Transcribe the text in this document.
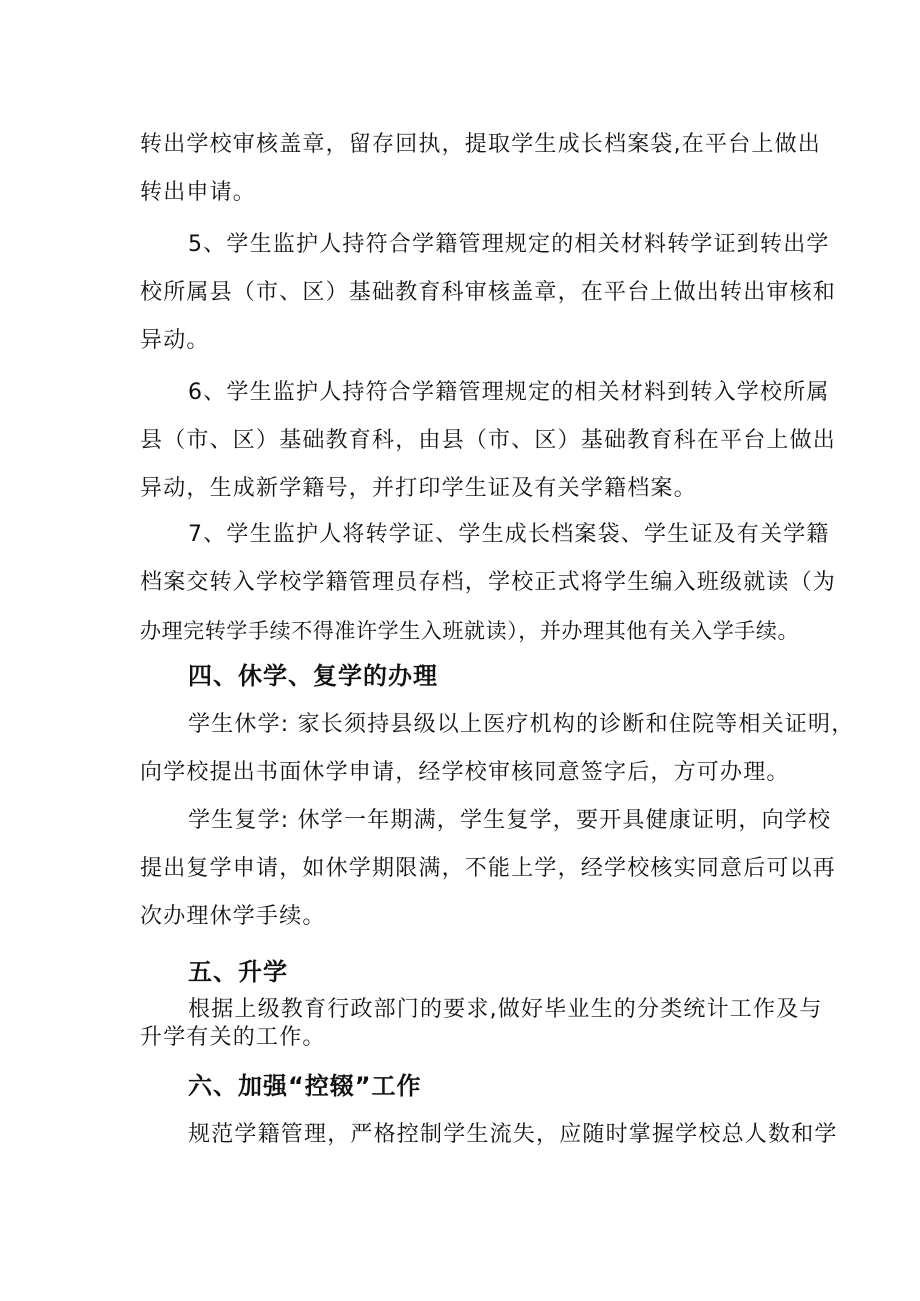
转出学校审核盖章，留存回执，提取学生成长档案袋,在平台上做出
转出申请。
5、学生监护人持符合学籍管理规定的相关材料转学证到转出学
校所属县（市、区）基础教育科审核盖章，在平台上做出转出审核和
异动。
6、学生监护人持符合学籍管理规定的相关材料到转入学校所属
县（市、区）基础教育科，由县（市、区）基础教育科在平台上做出
异动，生成新学籍号，并打印学生证及有关学籍档案。
7、学生监护人将转学证、学生成长档案袋、学生证及有关学籍
档案交转入学校学籍管理员存档，学校正式将学生编入班级就读（为
办理完转学手续不得准许学生入班就读），并办理其他有关入学手续。
四、休学、复学的办理
学生休学: 家长须持县级以上医疗机构的诊断和住院等相关证明，
向学校提出书面休学申请，经学校审核同意签字后，方可办理。
学生复学: 休学一年期满，学生复学，要开具健康证明，向学校
提出复学申请，如休学期限满，不能上学，经学校核实同意后可以再
次办理休学手续。
五、升学
根据上级教育行政部门的要求,做好毕业生的分类统计工作及与
升学有关的工作。
六、加强“控辍”工作
规范学籍管理，严格控制学生流失，应随时掌握学校总人数和学
